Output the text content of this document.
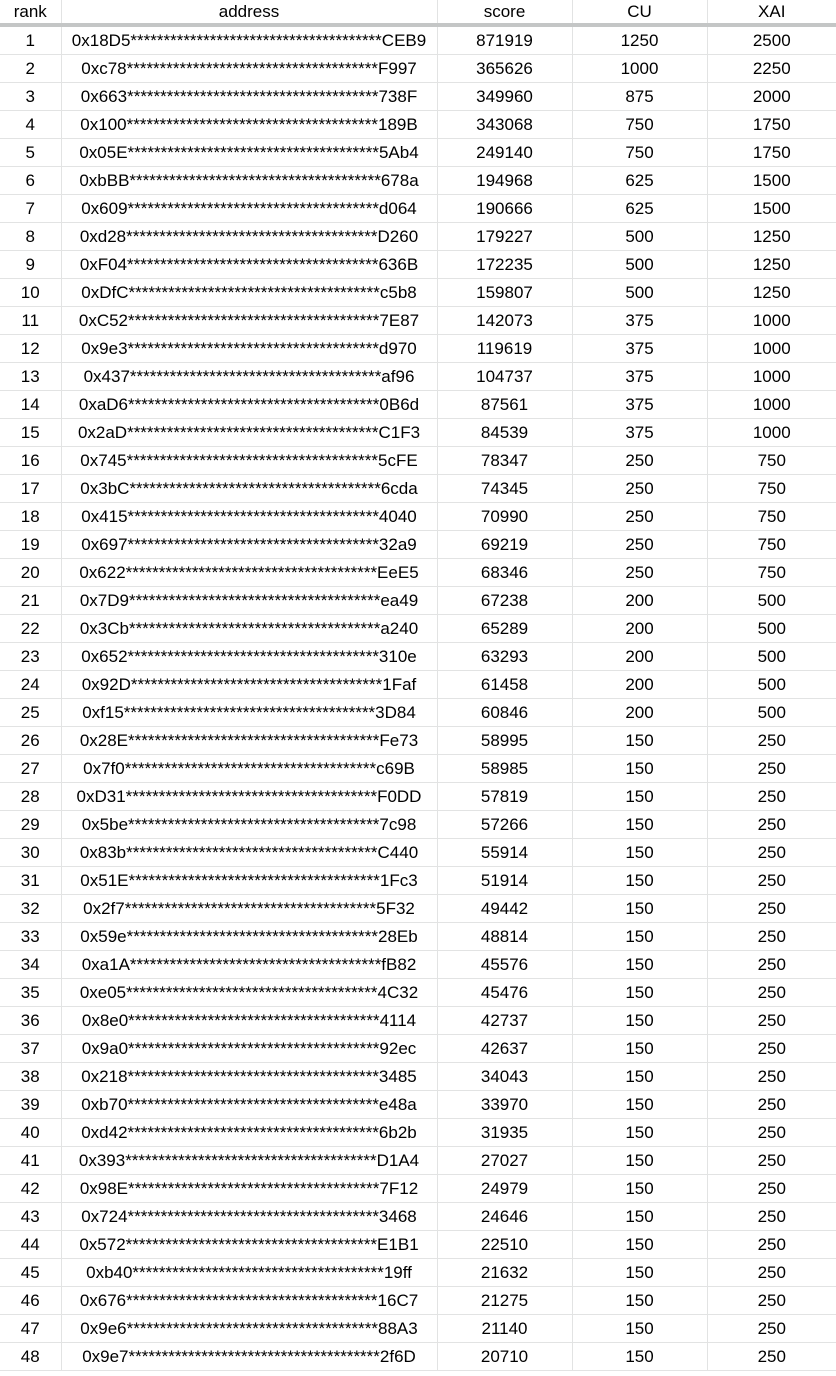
rank	address	score	CU	XAI
1	0x18D5**************************************CEB9	871919	1250	2500
2	0xc78**************************************F997	365626	1000	2250
3	0x663**************************************738F	349960	875	2000
4	0x100**************************************189B	343068	750	1750
5	0x05E**************************************5Ab4	249140	750	1750
6	0xbBB**************************************678a	194968	625	1500
7	0x609**************************************d064	190666	625	1500
8	0xd28**************************************D260	179227	500	1250
9	0xF04**************************************636B	172235	500	1250
10	0xDfC**************************************c5b8	159807	500	1250
11	0xC52**************************************7E87	142073	375	1000
12	0x9e3**************************************d970	119619	375	1000
13	0x437**************************************af96	104737	375	1000
14	0xaD6**************************************0B6d	87561	375	1000
15	0x2aD**************************************C1F3	84539	375	1000
16	0x745**************************************5cFE	78347	250	750
17	0x3bC**************************************6cda	74345	250	750
18	0x415**************************************4040	70990	250	750
19	0x697**************************************32a9	69219	250	750
20	0x622**************************************EeE5	68346	250	750
21	0x7D9**************************************ea49	67238	200	500
22	0x3Cb**************************************a240	65289	200	500
23	0x652**************************************310e	63293	200	500
24	0x92D**************************************1Faf	61458	200	500
25	0xf15**************************************3D84	60846	200	500
26	0x28E**************************************Fe73	58995	150	250
27	0x7f0**************************************c69B	58985	150	250
28	0xD31**************************************F0DD	57819	150	250
29	0x5be**************************************7c98	57266	150	250
30	0x83b**************************************C440	55914	150	250
31	0x51E**************************************1Fc3	51914	150	250
32	0x2f7**************************************5F32	49442	150	250
33	0x59e**************************************28Eb	48814	150	250
34	0xa1A**************************************fB82	45576	150	250
35	0xe05**************************************4C32	45476	150	250
36	0x8e0**************************************4114	42737	150	250
37	0x9a0**************************************92ec	42637	150	250
38	0x218**************************************3485	34043	150	250
39	0xb70**************************************e48a	33970	150	250
40	0xd42**************************************6b2b	31935	150	250
41	0x393**************************************D1A4	27027	150	250
42	0x98E**************************************7F12	24979	150	250
43	0x724**************************************3468	24646	150	250
44	0x572**************************************E1B1	22510	150	250
45	0xb40**************************************19ff	21632	150	250
46	0x676**************************************16C7	21275	150	250
47	0x9e6**************************************88A3	21140	150	250
48	0x9e7**************************************2f6D	20710	150	250
